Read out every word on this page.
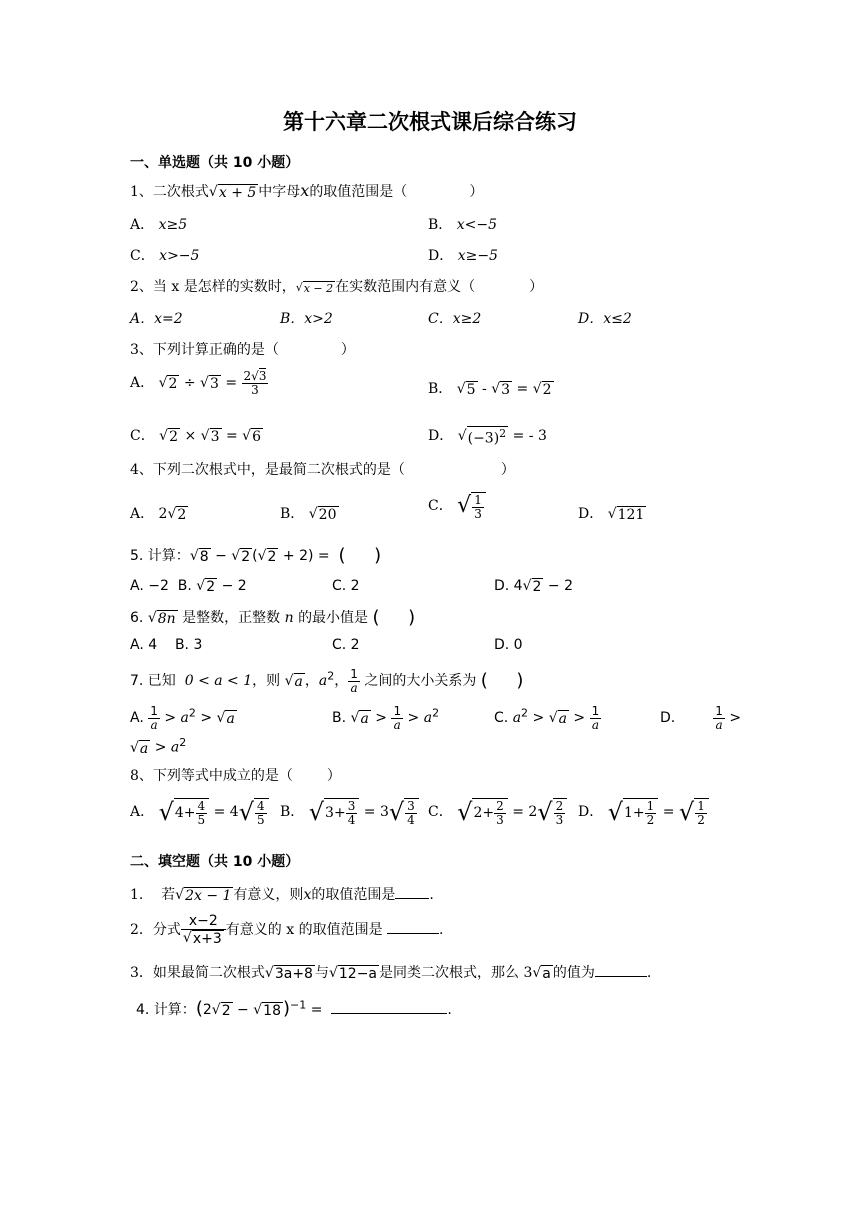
第十六章二次根式课后综合练习
一、单选题（共 10 小题）
1、二次根式√x + 5 中字母x的取值范围是（	）
A． x≥5	B． x<−5
C． x>−5	D． x≥−5
2、当 x 是怎样的实数时，√x − 2 在实数范围内有意义（	）
A．x=2	B．x>2	C．x≥2	D．x≤2
3、下列计算正确的是（	）
A． $√2 \div √3 = \frac{2√3}{3}$	B． √5 - √3 = √2
C． √2 × √3 = √6	D． $√(-3)^2$ = - 3
4、下列二次根式中，是最简二次根式的是（	）
A． 2√2	B． √20
C． √ $\frac{1}{3}$	D． √121
5. 计算：√8 − √2 (√2 + 2) =  (     )
A. −2 B. √2 − 2	C. 2	D. 4√2 − 2
6. √8n 是整数，正整数 n 的最小值是 (     )
A. 4 B. 3	C. 2	D. 0
7. 已知 0 < a < 1，则 √a ，$a^2$， $\frac{1}{a}$ 之间的大小关系为 (     )
A. $\frac{1}{a} > a^2 > √a$	B. $√a > \frac{1}{a} > a^2$	C. $a^2 > √a > \frac{1}{a}$	D.	$\frac{1}{a}$ >
$√a > a^2$
8、下列等式中成立的是（ ）
A． $√4+ \frac{4}{5} = 4√ \frac{4}{5}$ B． $√3+ \frac{3}{4} = 3√ \frac{3}{4}$ C． $√2+ \frac{2}{3} = 2√ \frac{2}{3}$ D． $√1+ \frac{1}{2}$ = √ $\frac{1}{2}$
二、填空题（共 10 小题）
1. 若√2x − 1 有意义，则x的取值范围是 .
2．分式 $\frac{x-2}{√x+3}$ 有意义的 x 的取值范围是	.
3．如果最简二次根式√3a+8 与√12−a 是同类二次根式，那么 3√a 的值为	.
4. 计算：(2√2 − √18 )$^{-1}$ =	.
